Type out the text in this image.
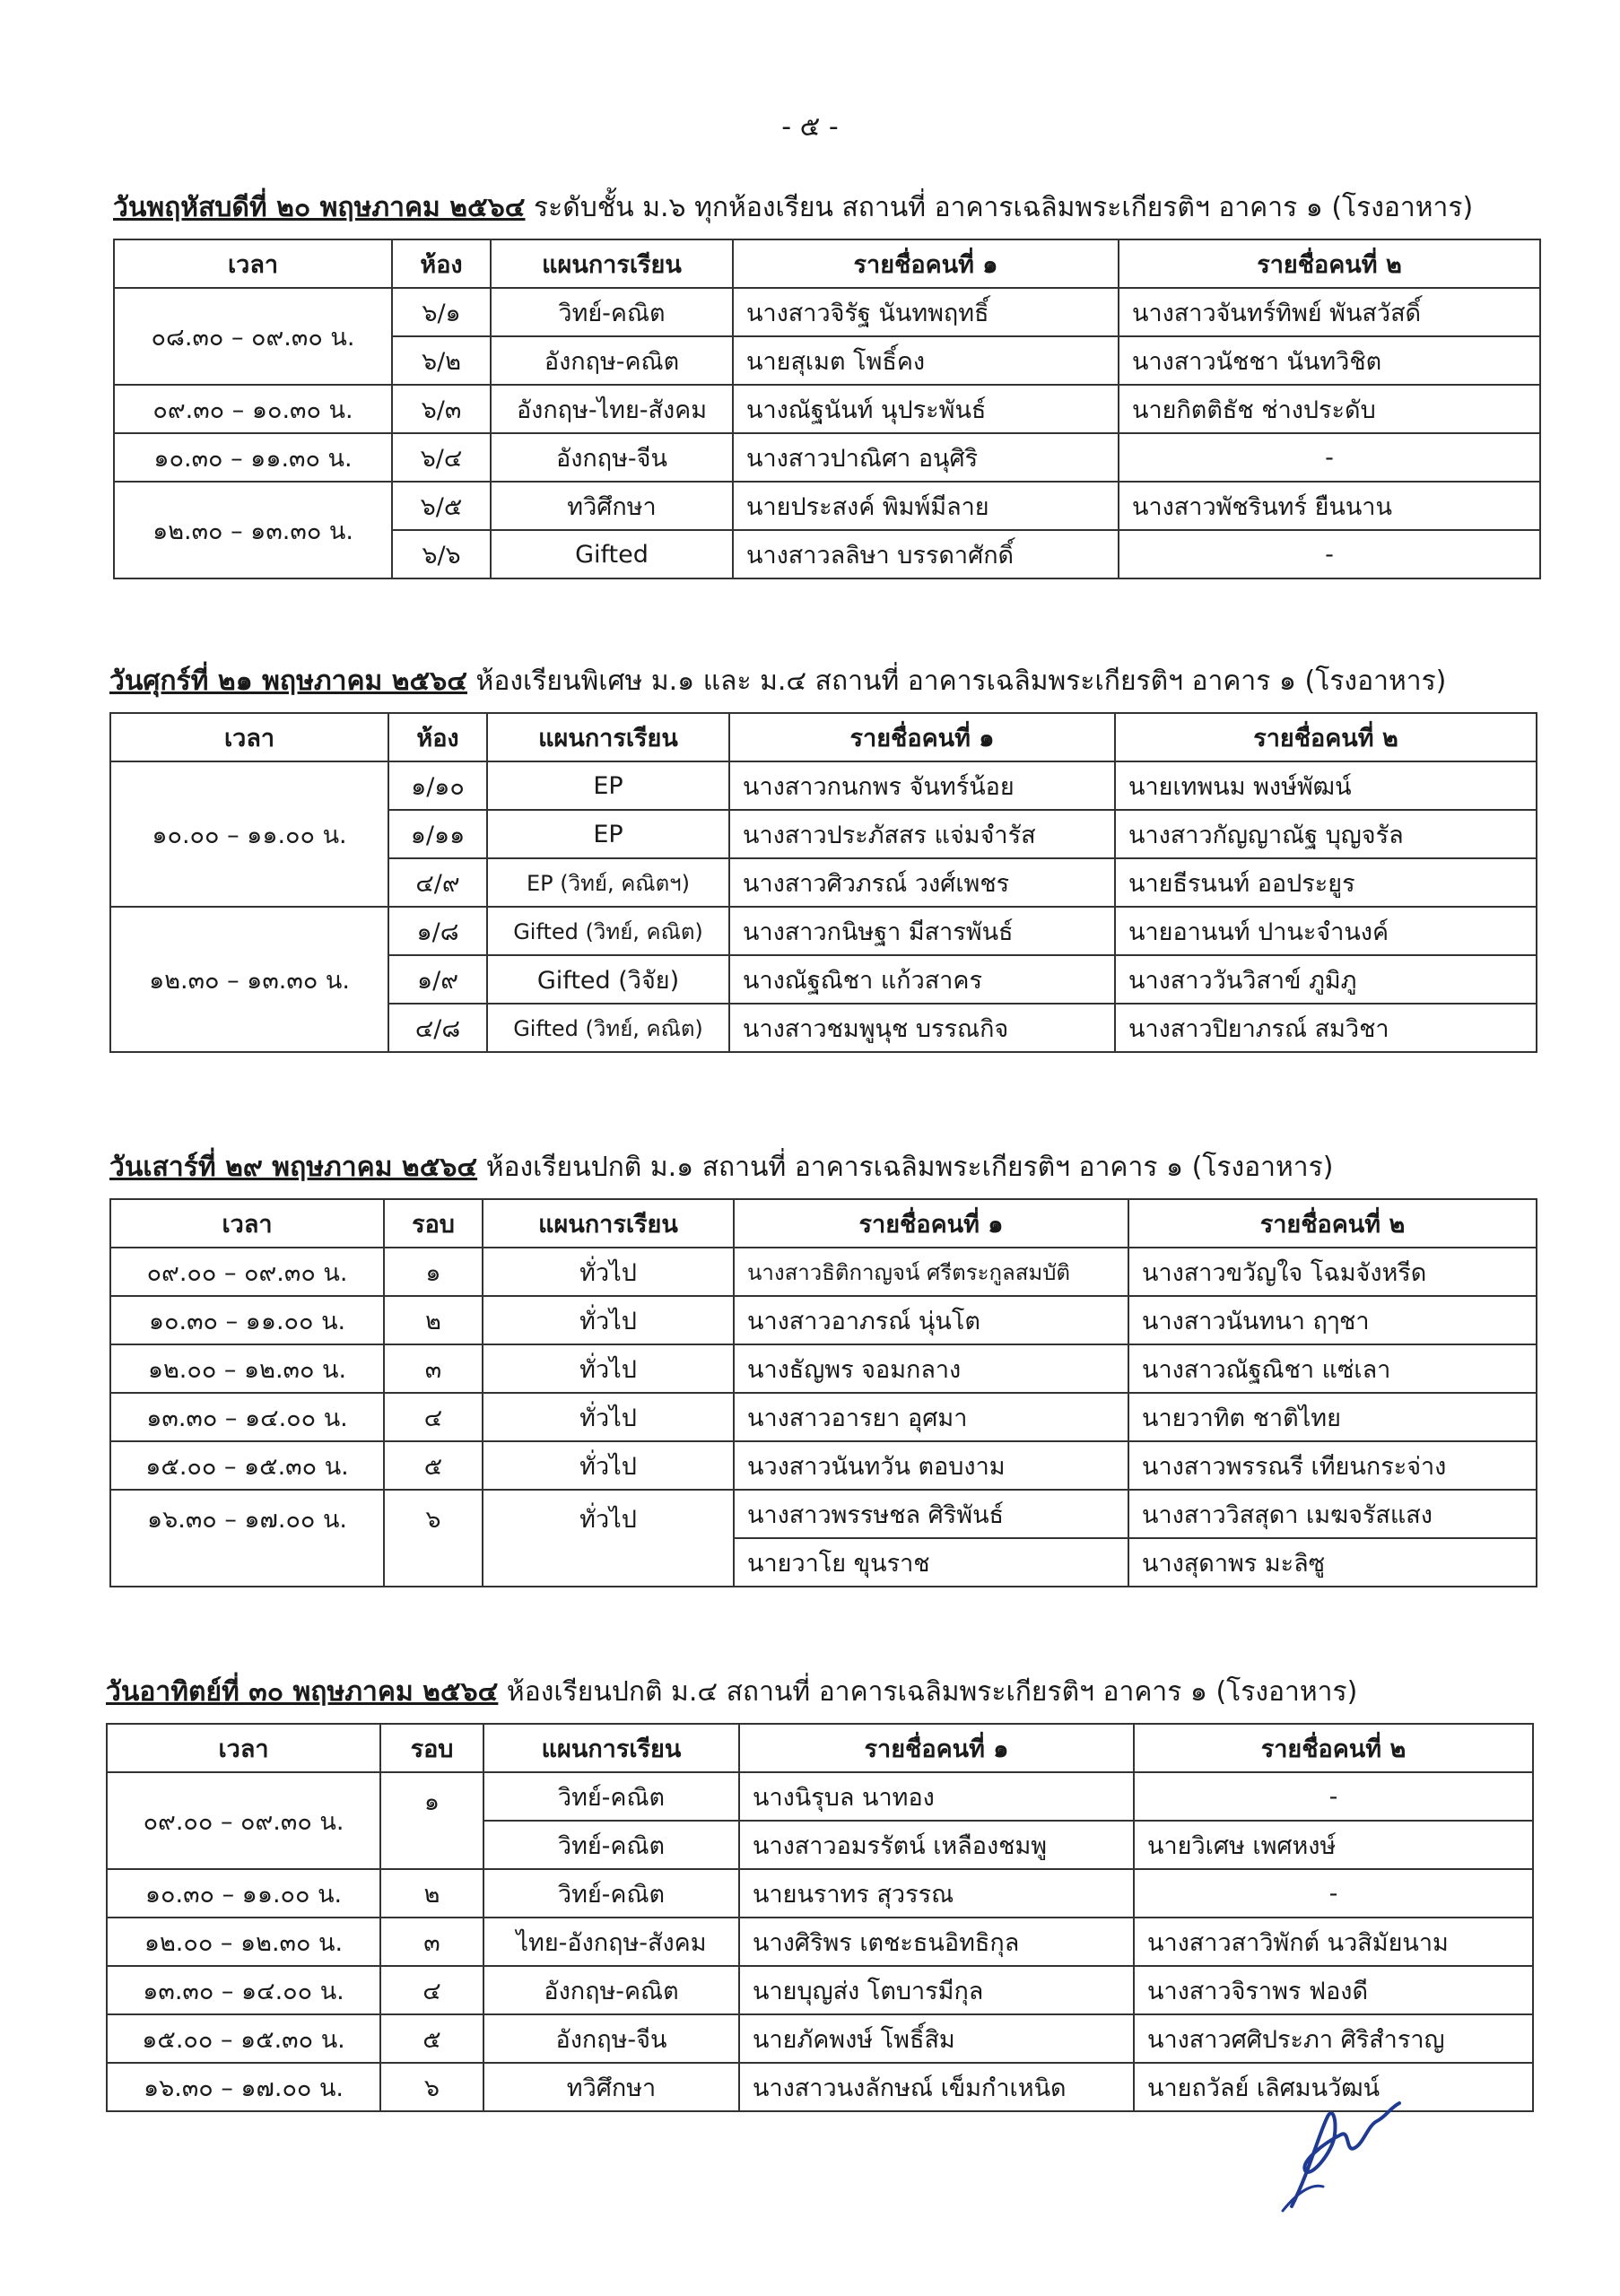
- ๕ -
วันพฤหัสบดีที่ ๒๐ พฤษภาคม ๒๕๖๔ ระดับชั้น ม.๖ ทุกห้องเรียน สถานที่ อาคารเฉลิมพระเกียรติฯ อาคาร ๑ (โรงอาหาร)
เวลา	ห้อง	แผนการเรียน	รายชื่อคนที่ ๑	รายชื่อคนที่ ๒
๐๘.๓๐ – ๐๙.๓๐ น.	๖/๑	วิทย์-คณิต	นางสาวจิรัฐ นันทพฤทธิ์	นางสาวจันทร์ทิพย์ พันสวัสดิ์
	๖/๒	อังกฤษ-คณิต	นายสุเมต โพธิ์คง	นางสาวนัชชา นันทวิชิต
๐๙.๓๐ – ๑๐.๓๐ น.	๖/๓	อังกฤษ-ไทย-สังคม	นางณัฐนันท์ นุประพันธ์	นายกิตติธัช ช่างประดับ
๑๐.๓๐ – ๑๑.๓๐ น.	๖/๔	อังกฤษ-จีน	นางสาวปาณิศา อนุศิริ	-
๑๒.๓๐ – ๑๓.๓๐ น.	๖/๕	ทวิศึกษา	นายประสงค์ พิมพ์มีลาย	นางสาวพัชรินทร์ ยืนนาน
	๖/๖	Gifted	นางสาวลลิษา บรรดาศักดิ์	-
วันศุกร์ที่ ๒๑ พฤษภาคม ๒๕๖๔ ห้องเรียนพิเศษ ม.๑ และ ม.๔ สถานที่ อาคารเฉลิมพระเกียรติฯ อาคาร ๑ (โรงอาหาร)
เวลา	ห้อง	แผนการเรียน	รายชื่อคนที่ ๑	รายชื่อคนที่ ๒
๑๐.๐๐ – ๑๑.๐๐ น.	๑/๑๐	EP	นางสาวกนกพร จันทร์น้อย	นายเทพนม พงษ์พัฒน์
	๑/๑๑	EP	นางสาวประภัสสร แจ่มจำรัส	นางสาวกัญญาณัฐ บุญจรัล
	๔/๙	EP (วิทย์, คณิตฯ)	นางสาวศิวภรณ์ วงศ์เพชร	นายธีรนนท์ ออประยูร
๑๒.๓๐ – ๑๓.๓๐ น.	๑/๘	Gifted (วิทย์, คณิต)	นางสาวกนิษฐา มีสารพันธ์	นายอานนท์ ปานะจำนงค์
	๑/๙	Gifted (วิจัย)	นางณัฐณิชา แก้วสาคร	นางสาววันวิสาข์ ภูมิภู
	๔/๘	Gifted (วิทย์, คณิต)	นางสาวชมพูนุช บรรณกิจ	นางสาวปิยาภรณ์ สมวิชา
วันเสาร์ที่ ๒๙ พฤษภาคม ๒๕๖๔ ห้องเรียนปกติ ม.๑ สถานที่ อาคารเฉลิมพระเกียรติฯ อาคาร ๑ (โรงอาหาร)
เวลา	รอบ	แผนการเรียน	รายชื่อคนที่ ๑	รายชื่อคนที่ ๒
๐๙.๐๐ – ๐๙.๓๐ น.	๑	ทั่วไป	นางสาวธิติกาญจน์ ศรีตระกูลสมบัติ	นางสาวขวัญใจ โฉมจังหรีด
๑๐.๓๐ – ๑๑.๐๐ น.	๒	ทั่วไป	นางสาวอาภรณ์ นุ่นโต	นางสาวนันทนา ฤๅชา
๑๒.๐๐ – ๑๒.๓๐ น.	๓	ทั่วไป	นางธัญพร จอมกลาง	นางสาวณัฐณิชา แซ่เลา
๑๓.๓๐ – ๑๔.๐๐ น.	๔	ทั่วไป	นางสาวอารยา อุศมา	นายวาทิต ชาติไทย
๑๕.๐๐ – ๑๕.๓๐ น.	๕	ทั่วไป	นวงสาวนันทวัน ตอบงาม	นางสาวพรรณรี เทียนกระจ่าง
๑๖.๓๐ – ๑๗.๐๐ น.	๖	ทั่วไป	นางสาวพรรษชล ศิริพันธ์	นางสาววิสสุดา เมฆจรัสแสง
			นายวาโย ขุนราช	นางสุดาพร มะลิซู
วันอาทิตย์ที่ ๓๐ พฤษภาคม ๒๕๖๔ ห้องเรียนปกติ ม.๔ สถานที่ อาคารเฉลิมพระเกียรติฯ อาคาร ๑ (โรงอาหาร)
เวลา	รอบ	แผนการเรียน	รายชื่อคนที่ ๑	รายชื่อคนที่ ๒
๐๙.๐๐ – ๐๙.๓๐ น.	๑	วิทย์-คณิต	นางนิรุบล นาทอง	-
		วิทย์-คณิต	นางสาวอมรรัตน์ เหลืองชมพู	นายวิเศษ เพศหงษ์
๑๐.๓๐ – ๑๑.๐๐ น.	๒	วิทย์-คณิต	นายนราทร สุวรรณ	-
๑๒.๐๐ – ๑๒.๓๐ น.	๓	ไทย-อังกฤษ-สังคม	นางศิริพร เตชะธนอิทธิกุล	นางสาวสาวิพักต์ นวสิมัยนาม
๑๓.๓๐ – ๑๔.๐๐ น.	๔	อังกฤษ-คณิต	นายบุญส่ง โตบารมีกุล	นางสาวจิราพร ฟองดี
๑๕.๐๐ – ๑๕.๓๐ น.	๕	อังกฤษ-จีน	นายภัคพงษ์ โพธิ์สิม	นางสาวศศิประภา ศิริสำราญ
๑๖.๓๐ – ๑๗.๐๐ น.	๖	ทวิศึกษา	นางสาวนงลักษณ์ เข็มกำเหนิด	นายถวัลย์ เลิศมนวัฒน์
